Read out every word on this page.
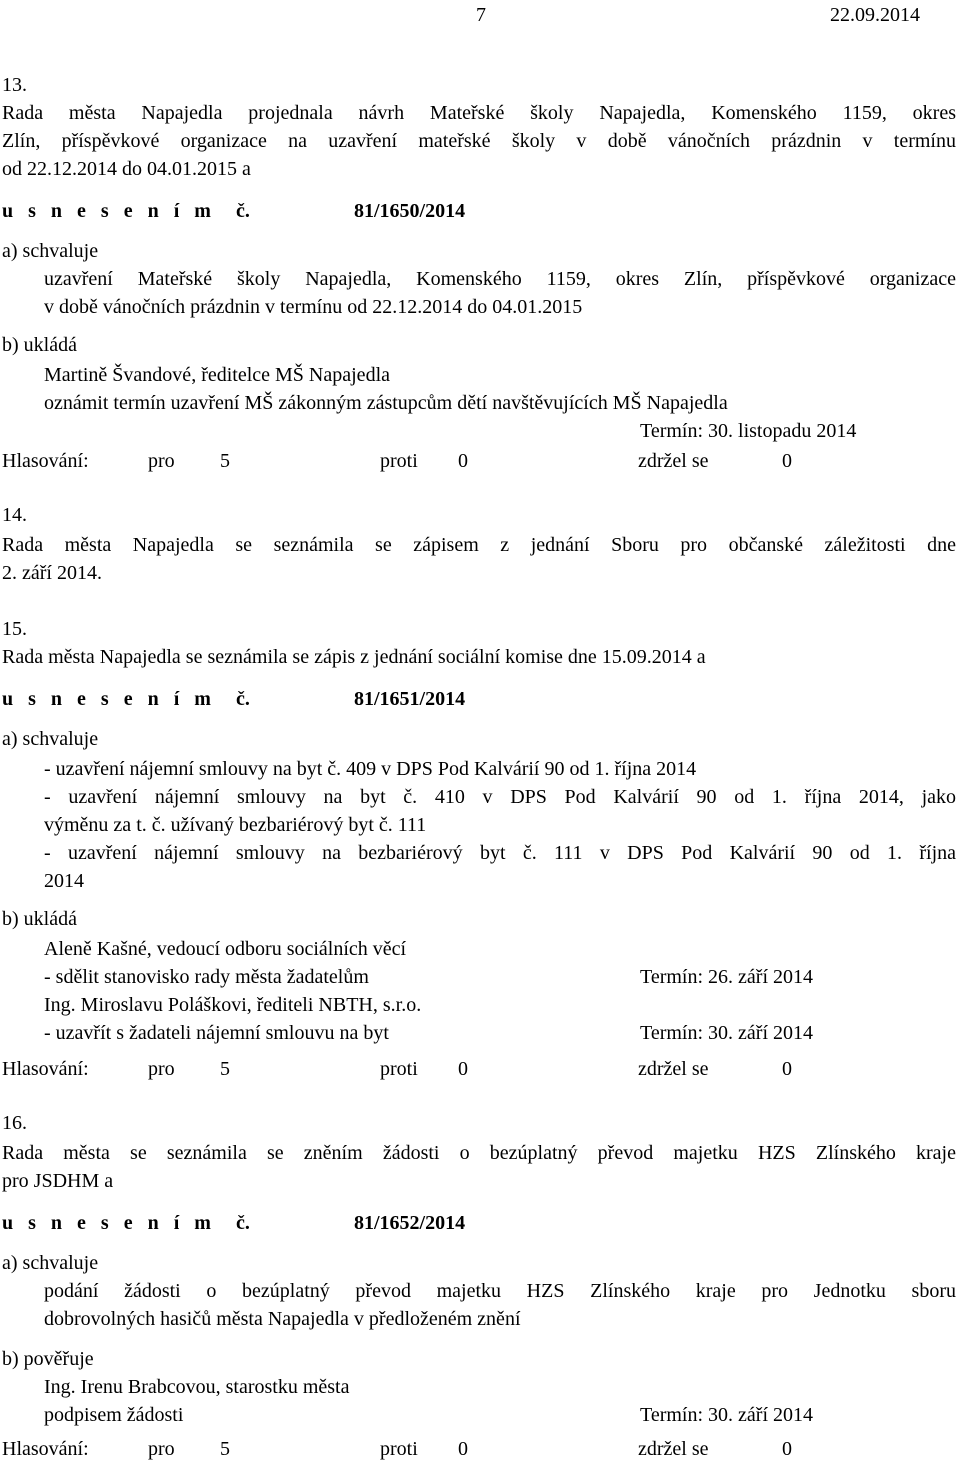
7	22.09.2014
13.
Rada města Napajedla projednala návrh Mateřské školy Napajedla, Komenského 1159, okres
Zlín, příspěvkové organizace na uzavření mateřské školy v době vánočních prázdnin v termínu
od 22.12.2014 do 04.01.2015 a
u s n e s e n í m č.	81/1650/2014
a) schvaluje
uzavření Mateřské školy Napajedla, Komenského 1159, okres Zlín, příspěvkové organizace
v době vánočních prázdnin v termínu od 22.12.2014 do 04.01.2015
b) ukládá
Martině Švandové, ředitelce MŠ Napajedla
oznámit termín uzavření MŠ zákonným zástupcům dětí navštěvujících MŠ Napajedla
Termín: 30. listopadu 2014
Hlasování:	pro 5	proti 0	zdržel se	0
14.
Rada města Napajedla se seznámila se zápisem z jednání Sboru pro občanské záležitosti dne
2. září 2014.
15.
Rada města Napajedla se seznámila se zápis z jednání sociální komise dne 15.09.2014 a
u s n e s e n í m č.	81/1651/2014
a) schvaluje
- uzavření nájemní smlouvy na byt č. 409 v DPS Pod Kalvárií 90 od 1. října 2014
- uzavření nájemní smlouvy na byt č. 410 v DPS Pod Kalvárií 90 od 1. října 2014, jako
výměnu za t. č. užívaný bezbariérový byt č. 111
- uzavření nájemní smlouvy na bezbariérový byt č. 111 v DPS Pod Kalvárií 90 od 1. října
2014
b) ukládá
Aleně Kašné, vedoucí odboru sociálních věcí
- sdělit stanovisko rady města žadatelům	Termín: 26. září 2014
Ing. Miroslavu Poláškovi, řediteli NBTH, s.r.o.
- uzavřít s žadateli nájemní smlouvu na byt	Termín: 30. září 2014
Hlasování:	pro 5	proti 0	zdržel se	0
16.
Rada města se seznámila se zněním žádosti o bezúplatný převod majetku HZS Zlínského kraje
pro JSDHM a
u s n e s e n í m č.	81/1652/2014
a) schvaluje
podání žádosti o bezúplatný převod majetku HZS Zlínského kraje pro Jednotku sboru
dobrovolných hasičů města Napajedla v předloženém znění
b) pověřuje
Ing. Irenu Brabcovou, starostku města
podpisem žádosti	Termín: 30. září 2014
Hlasování:	pro 5	proti 0	zdržel se	0
